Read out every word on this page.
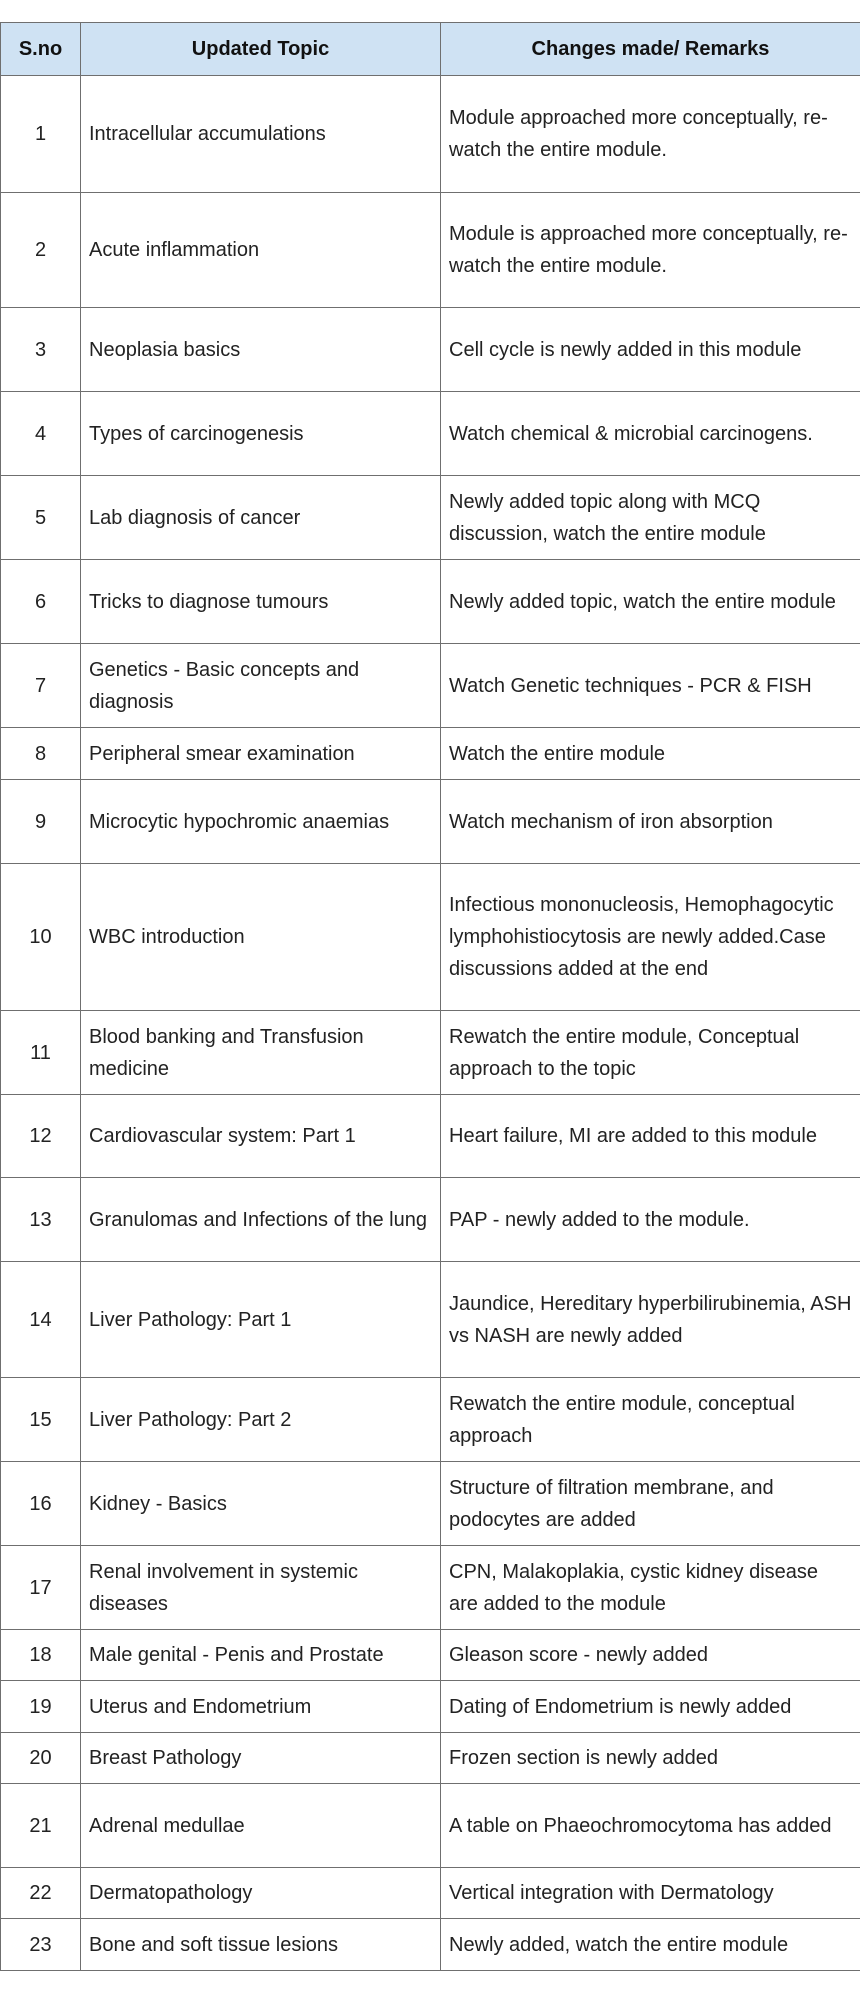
S.no	Updated Topic	Changes made/ Remarks
1	Intracellular accumulations	Module approached more conceptually, re-watch the entire module.
2	Acute inflammation	Module is approached more conceptually, re-watch the entire module.
3	Neoplasia basics	Cell cycle is newly added in this module
4	Types of carcinogenesis	Watch chemical & microbial carcinogens.
5	Lab diagnosis of cancer	Newly added topic along with MCQ discussion, watch the entire module
6	Tricks to diagnose tumours	Newly added topic, watch the entire module
7	Genetics - Basic concepts and diagnosis	Watch Genetic techniques - PCR & FISH
8	Peripheral smear examination	Watch the entire module
9	Microcytic hypochromic anaemias	Watch mechanism of iron absorption
10	WBC introduction	Infectious mononucleosis, Hemophagocytic lymphohistiocytosis are newly added.Case discussions added at the end
11	Blood banking and Transfusion medicine	Rewatch the entire module, Conceptual approach to the topic
12	Cardiovascular system: Part 1	Heart failure, MI are added to this module
13	Granulomas and Infections of the lung	PAP - newly added to the module.
14	Liver Pathology: Part 1	Jaundice, Hereditary hyperbilirubinemia, ASH vs NASH are newly added
15	Liver Pathology: Part 2	Rewatch the entire module, conceptual approach
16	Kidney - Basics	Structure of filtration membrane, and podocytes are added
17	Renal involvement in systemic diseases	CPN, Malakoplakia, cystic kidney disease are added to the module
18	Male genital - Penis and Prostate	Gleason score - newly added
19	Uterus and Endometrium	Dating of Endometrium is newly added
20	Breast Pathology	Frozen section is newly added
21	Adrenal medullae	A table on Phaeochromocytoma has added
22	Dermatopathology	Vertical integration with Dermatology
23	Bone and soft tissue lesions	Newly added, watch the entire module
